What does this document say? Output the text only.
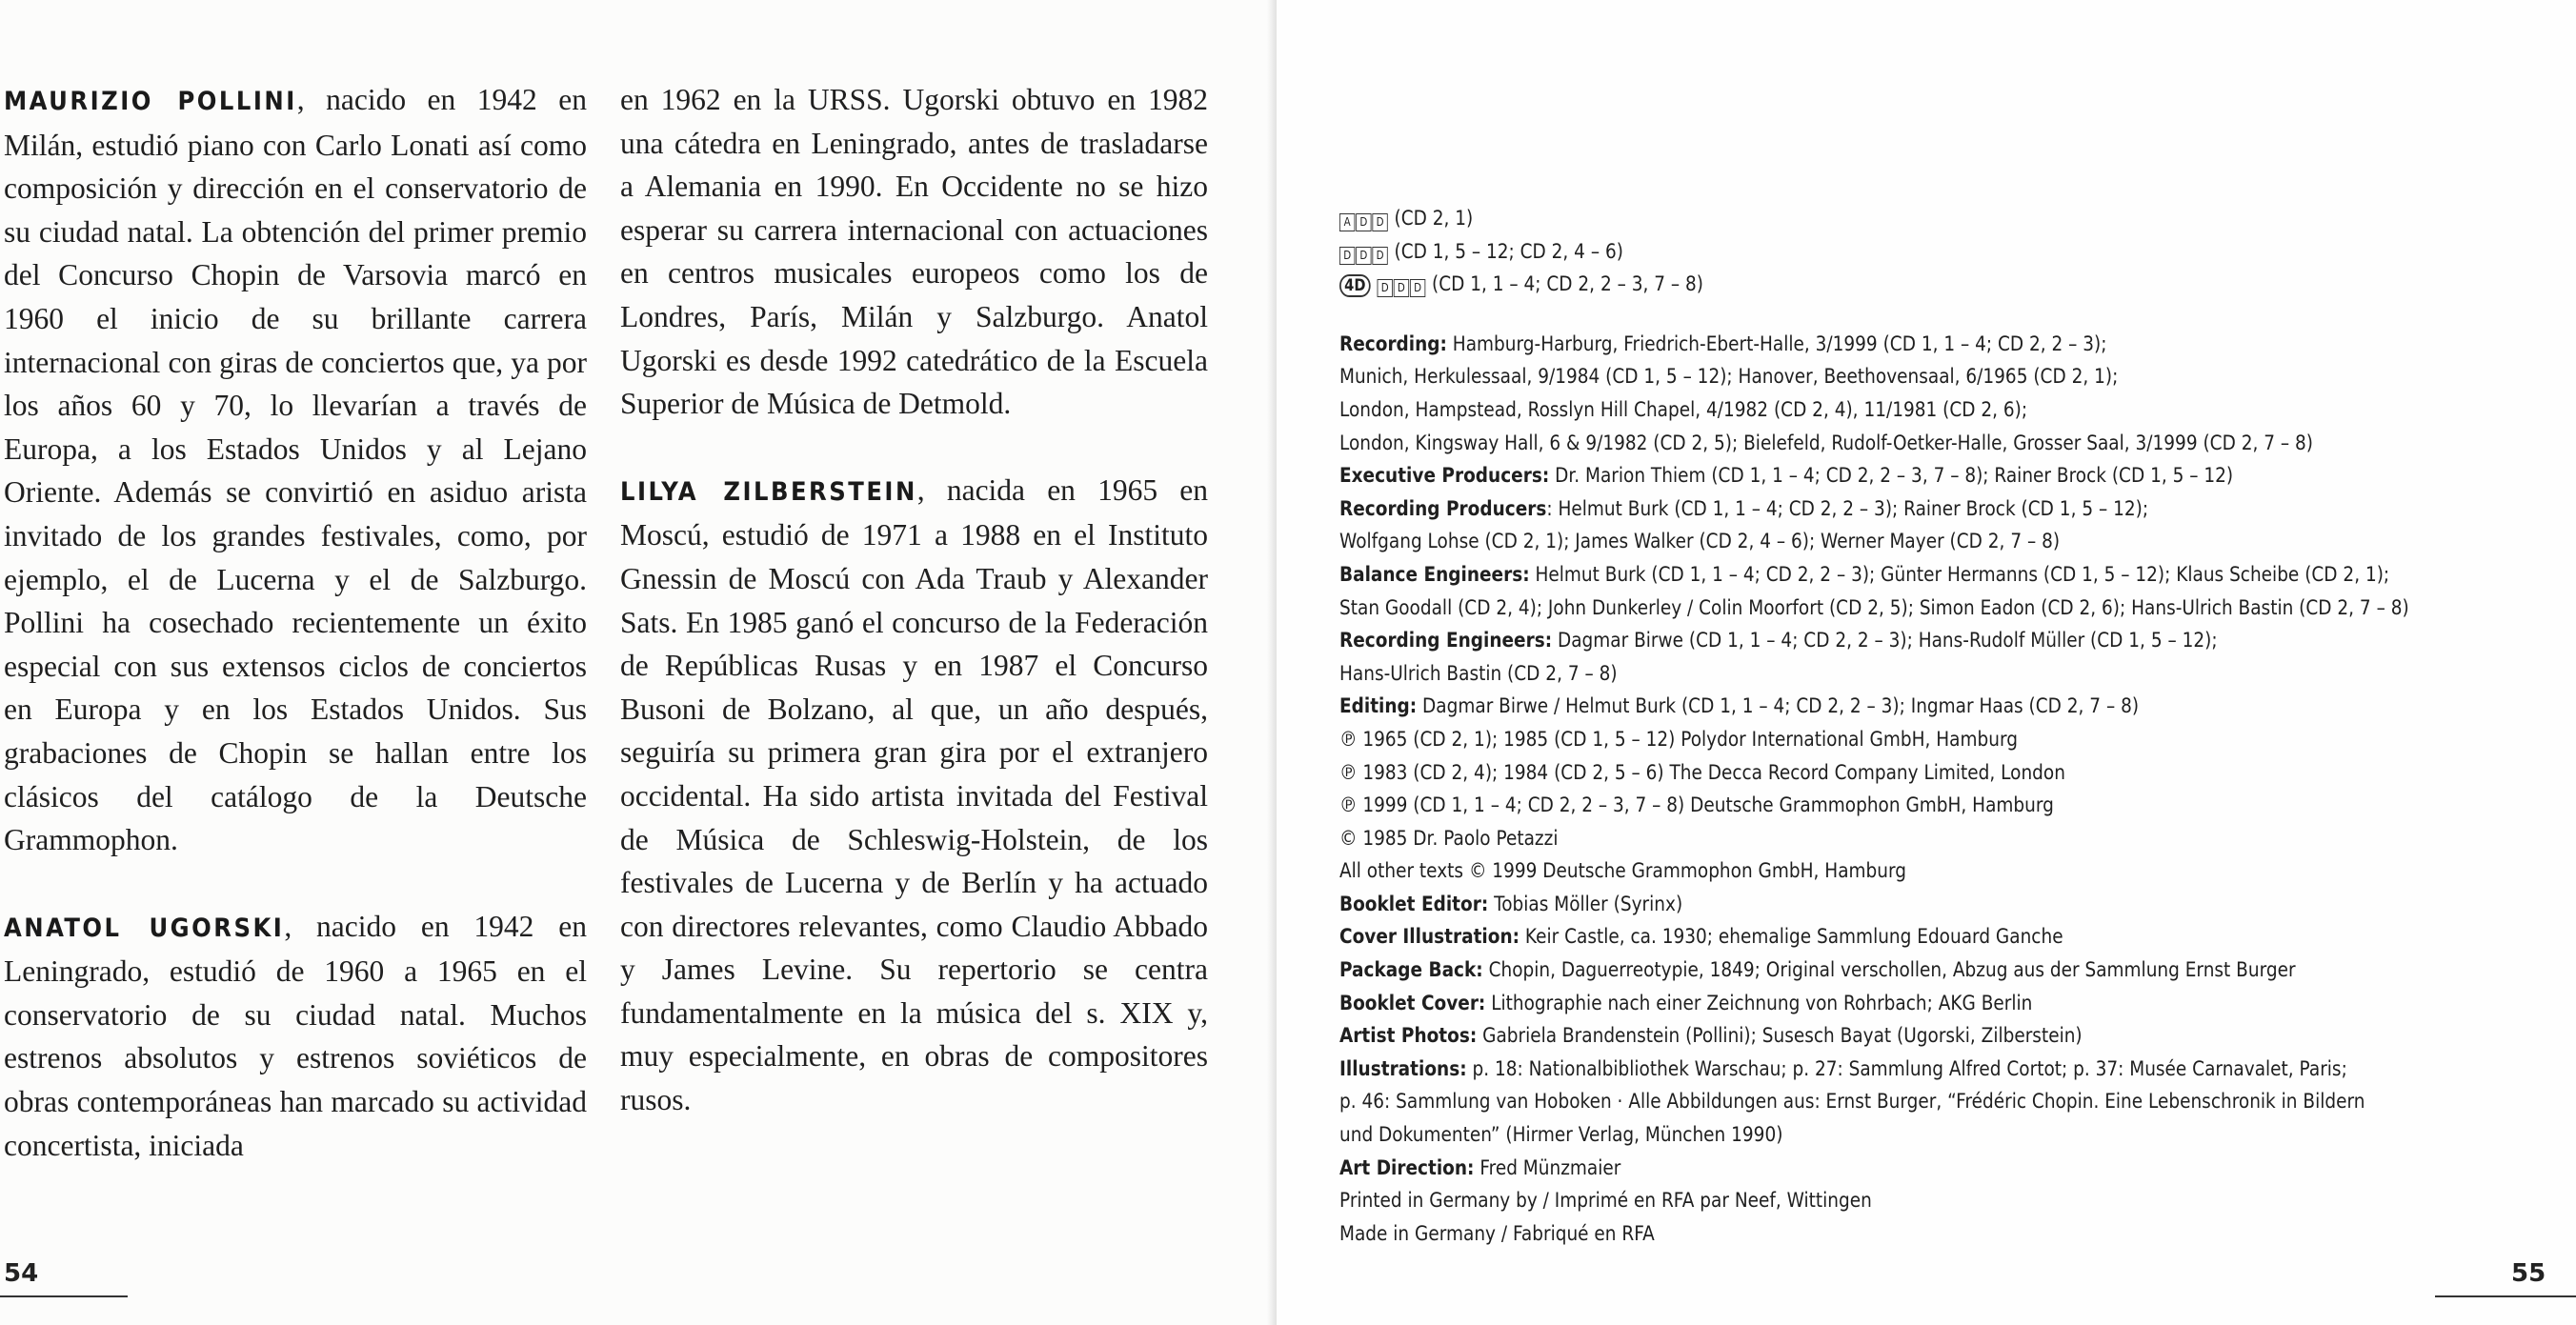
MAURIZIO POLLINI, nacido en 1942 en Milán, estudió piano con Carlo Lonati así como composición y dirección en el conservatorio de su ciudad natal. La obtención del primer premio del Concurso Chopin de Varsovia marcó en 1960 el inicio de su brillante carrera internacional con giras de conciertos que, ya por los años 60 y 70, lo llevarían a través de Europa, a los Estados Unidos y al Lejano Oriente. Además se convirtió en asiduo arista invitado de los grandes festivales, como, por ejemplo, el de Lucerna y el de Salzburgo. Pollini ha cosechado recientemente un éxito especial con sus extensos ciclos de conciertos en Europa y en los Estados Unidos. Sus grabaciones de Chopin se hallan entre los clásicos del catálogo de la Deutsche Grammophon.

ANATOL UGORSKI, nacido en 1942 en Leningrado, estudió de 1960 a 1965 en el conservatorio de su ciudad natal. Muchos estrenos absolutos y estrenos soviéticos de obras contemporáneas han marcado su actividad concertista, iniciada

en 1962 en la URSS. Ugorski obtuvo en 1982 una cátedra en Leningrado, antes de trasladarse a Alemania en 1990. En Occidente no se hizo esperar su carrera internacional con actuaciones en centros musicales europeos como los de Londres, París, Milán y Salzburgo. Anatol Ugorski es desde 1992 catedrático de la Escuela Superior de Música de Detmold.

LILYA ZILBERSTEIN, nacida en 1965 en Moscú, estudió de 1971 a 1988 en el Instituto Gnessin de Moscú con Ada Traub y Alexander Sats. En 1985 ganó el concurso de la Federación de Repúblicas Rusas y en 1987 el Concurso Busoni de Bolzano, al que, un año después, seguiría su primera gran gira por el extranjero occidental. Ha sido artista invitada del Festival de Música de Schleswig-Holstein, de los festivales de Lucerna y de Berlín y ha actuado con directores relevantes, como Claudio Abbado y James Levine. Su repertorio se centra fundamentalmente en la música del s. XIX y, muy especialmente, en obras de compositores rusos.

54	55
A D D (CD 2, 1)
D D D (CD 1, 5 – 12; CD 2, 4 – 6)
4D D D D (CD 1, 1 – 4; CD 2, 2 – 3, 7 – 8)
Recording: Hamburg-Harburg, Friedrich-Ebert-Halle, 3/1999 (CD 1, 1 – 4; CD 2, 2 – 3);
Munich, Herkulessaal, 9/1984 (CD 1, 5 – 12); Hanover, Beethovensaal, 6/1965 (CD 2, 1);
London, Hampstead, Rosslyn Hill Chapel, 4/1982 (CD 2, 4), 11/1981 (CD 2, 6);
London, Kingsway Hall, 6 & 9/1982 (CD 2, 5); Bielefeld, Rudolf-Oetker-Halle, Grosser Saal, 3/1999 (CD 2, 7 – 8)
Executive Producers: Dr. Marion Thiem (CD 1, 1 – 4; CD 2, 2 – 3, 7 – 8); Rainer Brock (CD 1, 5 – 12)
Recording Producers: Helmut Burk (CD 1, 1 – 4; CD 2, 2 – 3); Rainer Brock (CD 1, 5 – 12);
Wolfgang Lohse (CD 2, 1); James Walker (CD 2, 4 – 6); Werner Mayer (CD 2, 7 – 8)
Balance Engineers: Helmut Burk (CD 1, 1 – 4; CD 2, 2 – 3); Günter Hermanns (CD 1, 5 – 12); Klaus Scheibe (CD 2, 1);
Stan Goodall (CD 2, 4); John Dunkerley / Colin Moorfort (CD 2, 5); Simon Eadon (CD 2, 6); Hans-Ulrich Bastin (CD 2, 7 – 8)
Recording Engineers: Dagmar Birwe (CD 1, 1 – 4; CD 2, 2 – 3); Hans-Rudolf Müller (CD 1, 5 – 12);
Hans-Ulrich Bastin (CD 2, 7 – 8)
Editing: Dagmar Birwe / Helmut Burk (CD 1, 1 – 4; CD 2, 2 – 3); Ingmar Haas (CD 2, 7 – 8)
℗ 1965 (CD 2, 1); 1985 (CD 1, 5 – 12) Polydor International GmbH, Hamburg
℗ 1983 (CD 2, 4); 1984 (CD 2, 5 – 6) The Decca Record Company Limited, London
℗ 1999 (CD 1, 1 – 4; CD 2, 2 – 3, 7 – 8) Deutsche Grammophon GmbH, Hamburg
© 1985 Dr. Paolo Petazzi
All other texts © 1999 Deutsche Grammophon GmbH, Hamburg
Booklet Editor: Tobias Möller (Syrinx)
Cover Illustration: Keir Castle, ca. 1930; ehemalige Sammlung Edouard Ganche
Package Back: Chopin, Daguerreotypie, 1849; Original verschollen, Abzug aus der Sammlung Ernst Burger
Booklet Cover: Lithographie nach einer Zeichnung von Rohrbach; AKG Berlin
Artist Photos: Gabriela Brandenstein (Pollini); Susesch Bayat (Ugorski, Zilberstein)
Illustrations: p. 18: Nationalbibliothek Warschau; p. 27: Sammlung Alfred Cortot; p. 37: Musée Carnavalet, Paris;
p. 46: Sammlung van Hoboken · Alle Abbildungen aus: Ernst Burger, “Frédéric Chopin. Eine Lebenschronik in Bildern
und Dokumenten” (Hirmer Verlag, München 1990)
Art Direction: Fred Münzmaier
Printed in Germany by / Imprimé en RFA par Neef, Wittingen
Made in Germany / Fabriqué en RFA
